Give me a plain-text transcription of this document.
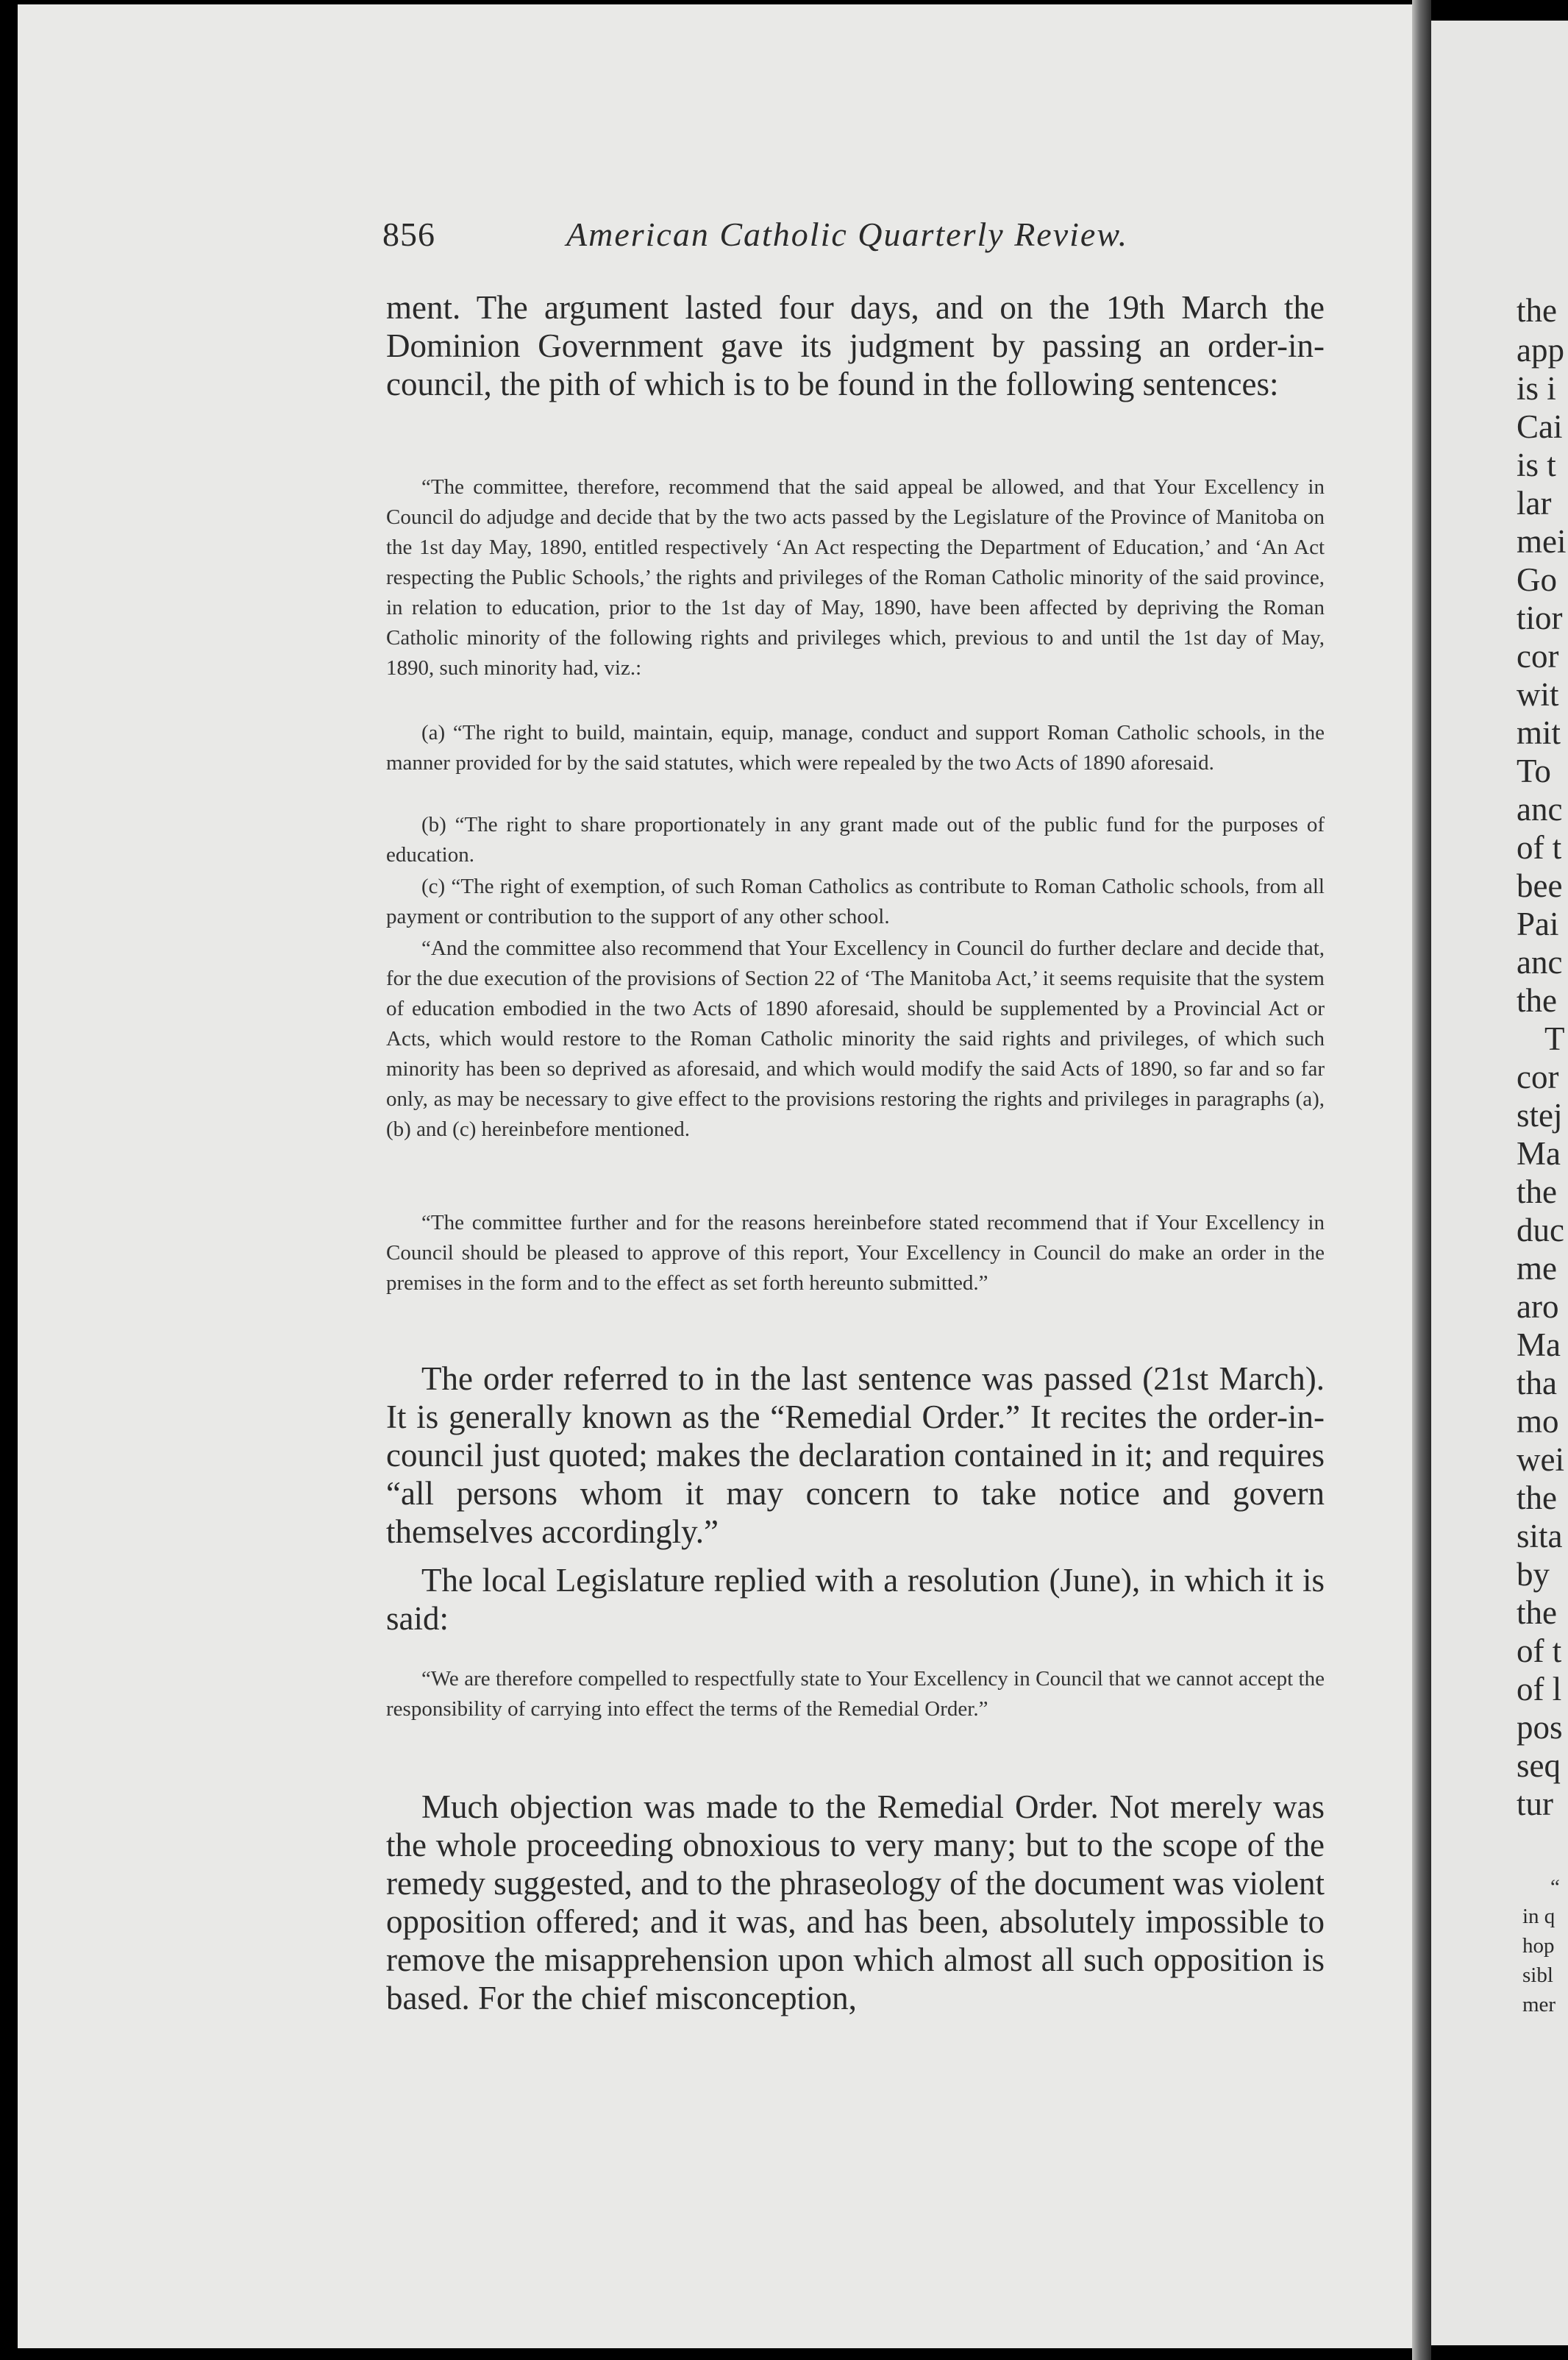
856	American Catholic Quarterly Review.

ment. The argument lasted four days, and on the 19th March the Dominion Government gave its judgment by passing an order-in-council, the pith of which is to be found in the following sentences:

“The committee, therefore, recommend that the said appeal be allowed, and that Your Excellency in Council do adjudge and decide that by the two acts passed by the Legislature of the Province of Manitoba on the 1st day May, 1890, entitled respectively ‘An Act respecting the Department of Education,’ and ‘An Act respecting the Public Schools,’ the rights and privileges of the Roman Catholic minority of the said province, in relation to education, prior to the 1st day of May, 1890, have been affected by depriving the Roman Catholic minority of the following rights and privileges which, previous to and until the 1st day of May, 1890, such minority had, viz.:

(a) “The right to build, maintain, equip, manage, conduct and support Roman Catholic schools, in the manner provided for by the said statutes, which were repealed by the two Acts of 1890 aforesaid.

(b) “The right to share proportionately in any grant made out of the public fund for the purposes of education.

(c) “The right of exemption, of such Roman Catholics as contribute to Roman Catholic schools, from all payment or contribution to the support of any other school.

“And the committee also recommend that Your Excellency in Council do further declare and decide that, for the due execution of the provisions of Section 22 of ‘The Manitoba Act,’ it seems requisite that the system of education embodied in the two Acts of 1890 aforesaid, should be supplemented by a Provincial Act or Acts, which would restore to the Roman Catholic minority the said rights and privileges, of which such minority has been so deprived as aforesaid, and which would modify the said Acts of 1890, so far and so far only, as may be necessary to give effect to the provisions restoring the rights and privileges in paragraphs (a), (b) and (c) hereinbefore mentioned.

“The committee further and for the reasons hereinbefore stated recommend that if Your Excellency in Council should be pleased to approve of this report, Your Excellency in Council do make an order in the premises in the form and to the effect as set forth hereunto submitted.”

The order referred to in the last sentence was passed (21st March). It is generally known as the “Remedial Order.” It recites the order-in-council just quoted; makes the declaration contained in it; and requires “all persons whom it may concern to take notice and govern themselves accordingly.”

The local Legislature replied with a resolution (June), in which it is said:

“We are therefore compelled to respectfully state to Your Excellency in Council that we cannot accept the responsibility of carrying into effect the terms of the Remedial Order.”

Much objection was made to the Remedial Order. Not merely was the whole proceeding obnoxious to very many; but to the scope of the remedy suggested, and to the phraseology of the document was violent opposition offered; and it was, and has been, absolutely impossible to remove the misapprehension upon which almost all such opposition is based. For the chief misconception,

the
app
is i
Cai
is t
lar
mei
Go
tior
cor
wit
mit
To
anc
of t
bee
Pai
anc
the
T
cor
stej
Ma
the
duc
me
aro
Ma
tha
mo
wei
the
sita
by
the
of t
of l
pos
seq
tur
“
in q
hop
sibl
mer
